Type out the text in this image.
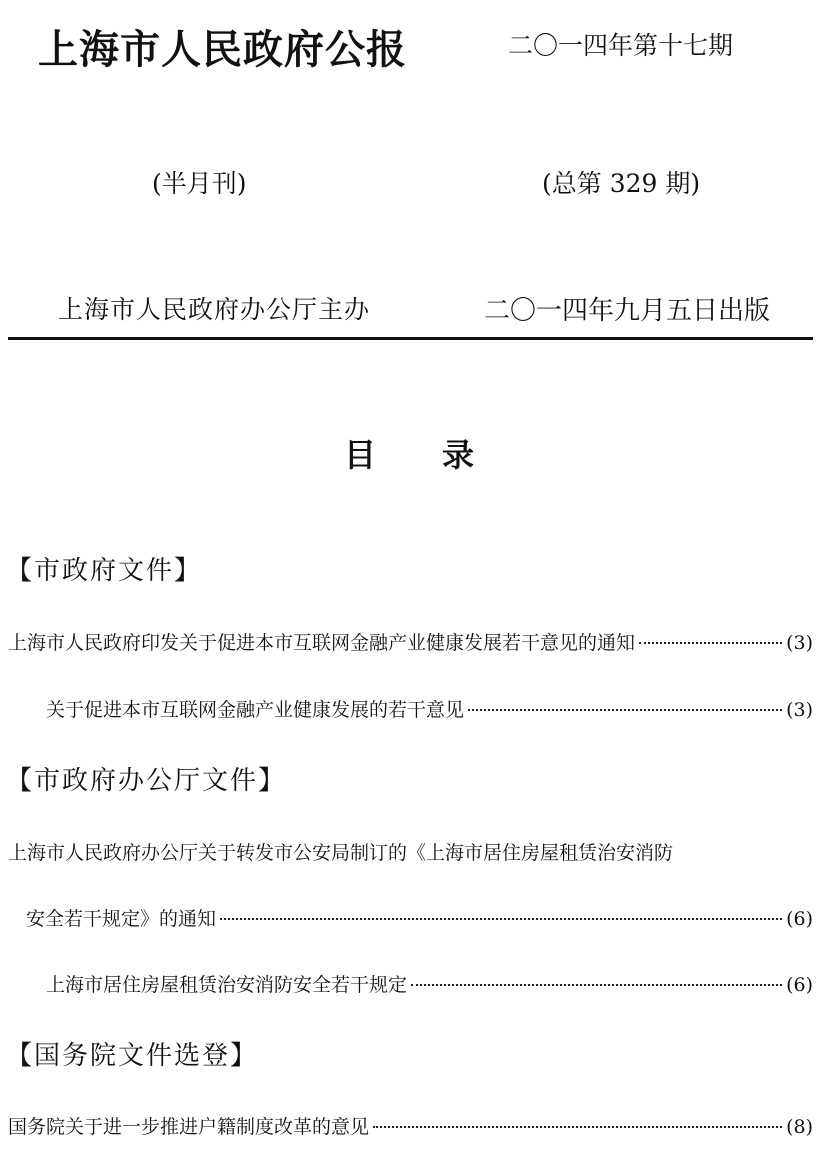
上海市人民政府公报	二〇一四年第十七期
(半月刊)	(总第 329 期)
上海市人民政府办公厅主办	二〇一四年九月五日出版
目 录
【市政府文件】
上海市人民政府印发关于促进本市互联网金融产业健康发展若干意见的通知	(3)
关于促进本市互联网金融产业健康发展的若干意见	(3)
【市政府办公厅文件】
上海市人民政府办公厅关于转发市公安局制订的《上海市居住房屋租赁治安消防
安全若干规定》的通知	(6)
上海市居住房屋租赁治安消防安全若干规定	(6)
【国务院文件选登】
国务院关于进一步推进户籍制度改革的意见	(8)
